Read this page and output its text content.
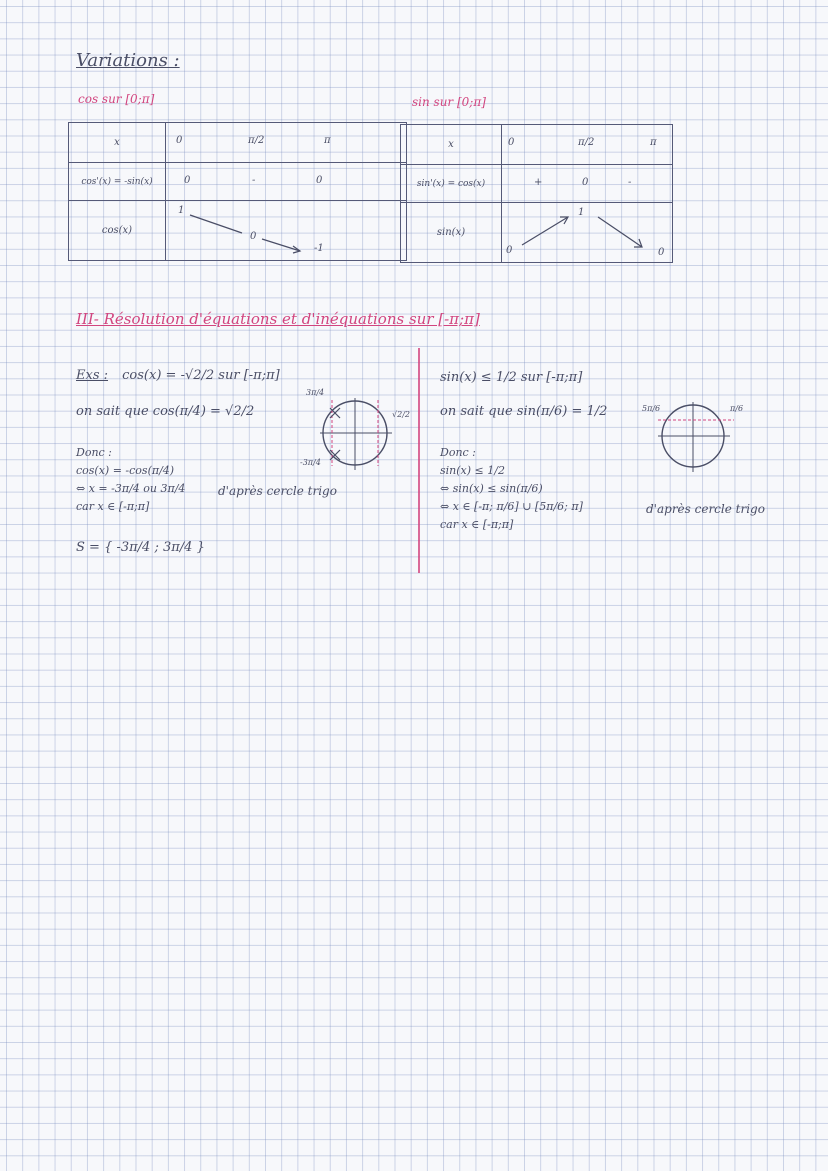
Variations :
cos sur [0;π]	sin sur [0;π]
x	0 π/2 π

cos'(x) = -sin(x)	0 - 0

cos(x)	1
0
-1
x	0 π/2 π

sin'(x) = cos(x)	+ 0 -

sin(x)	0
1
0
III- Résolution d'équations et d'inéquations sur [-π;π]
Exs : cos(x) = -√2/2 sur [-π;π]
on sait que cos(π/4) = √2/2
Donc :
cos(x) = -cos(π/4)
⇔ x = -3π/4 ou 3π/4
car x ∈ [-π;π]
d'après cercle trigo
S = { -3π/4 ; 3π/4 }
3π/4
-3π/4
√2/2
sin(x) ≤ 1/2 sur [-π;π]
on sait que sin(π/6) = 1/2
Donc :
sin(x) ≤ 1/2
⇔ sin(x) ≤ sin(π/6)
⇔ x ∈ [-π; π/6] ∪ [5π/6; π]
car x ∈ [-π;π]
d'après cercle trigo
5π/6	π/6
